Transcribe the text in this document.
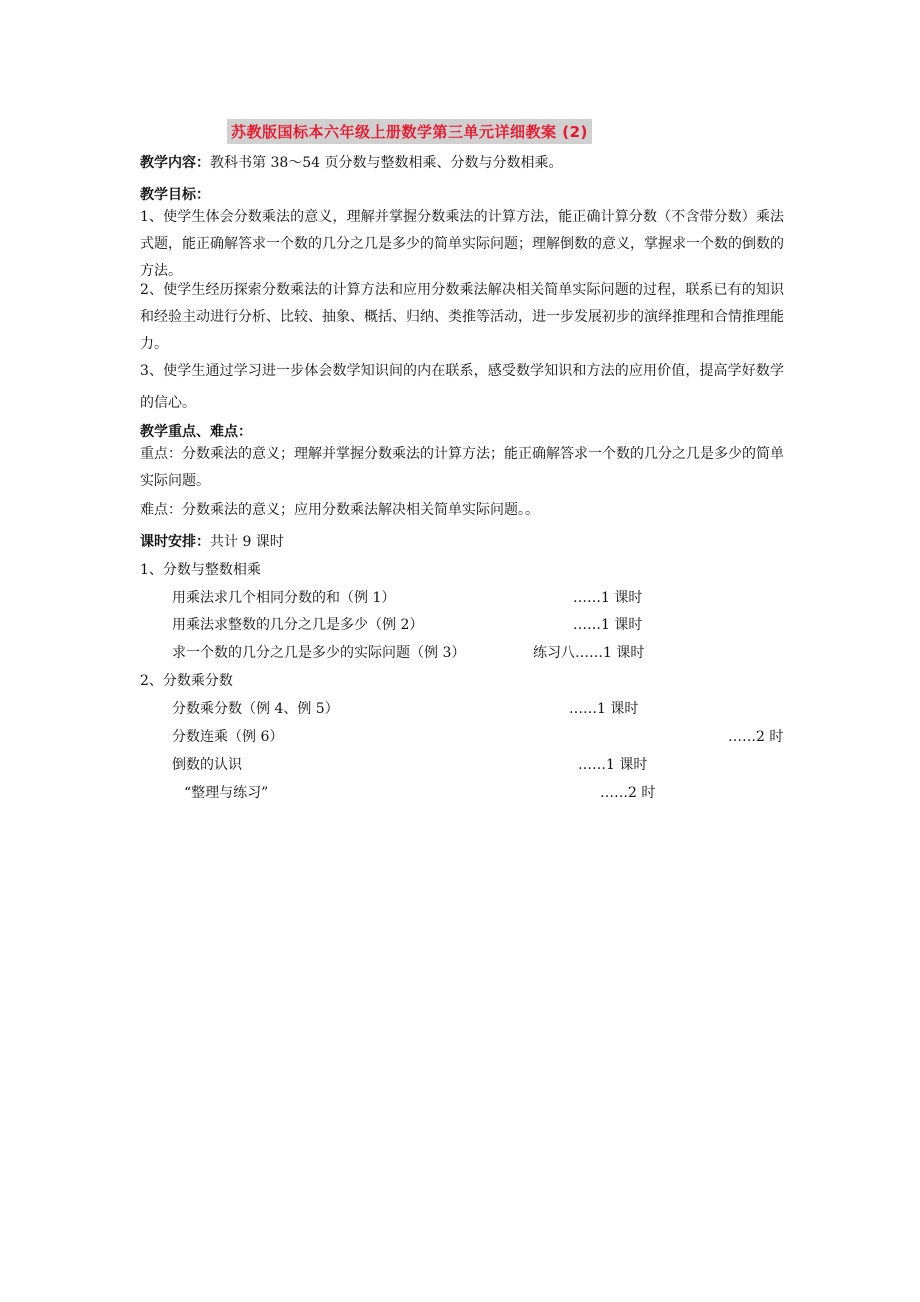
苏教版国标本六年级上册数学第三单元详细教案 (2)
教学内容：教科书第 38～54 页分数与整数相乘、分数与分数相乘。
教学目标：
1、使学生体会分数乘法的意义，理解并掌握分数乘法的计算方法，能正确计算分数（不含带分数）乘法式题，能正确解答求一个数的几分之几是多少的简单实际问题；理解倒数的意义，掌握求一个数的倒数的方法。
2、使学生经历探索分数乘法的计算方法和应用分数乘法解决相关简单实际问题的过程，联系已有的知识和经验主动进行分析、比较、抽象、概括、归纳、类推等活动，进一步发展初步的演绎推理和合情推理能力。
3、使学生通过学习进一步体会数学知识间的内在联系，感受数学知识和方法的应用价值，提高学好数学的信心。
教学重点、难点：
重点：分数乘法的意义；理解并掌握分数乘法的计算方法；能正确解答求一个数的几分之几是多少的简单实际问题。
难点：分数乘法的意义；应用分数乘法解决相关简单实际问题。。
课时安排：共计 9 课时
1、分数与整数相乘
用乘法求几个相同分数的和（例 1）	……1 课时
用乘法求整数的几分之几是多少（例 2）	……1 课时
求一个数的几分之几是多少的实际问题（例 3）	练习八……1 课时
2、分数乘分数
分数乘分数（例 4、例 5）	……1 课时
分数连乘（例 6）	……2 时
倒数的认识	……1 课时
“整理与练习”	……2 时
